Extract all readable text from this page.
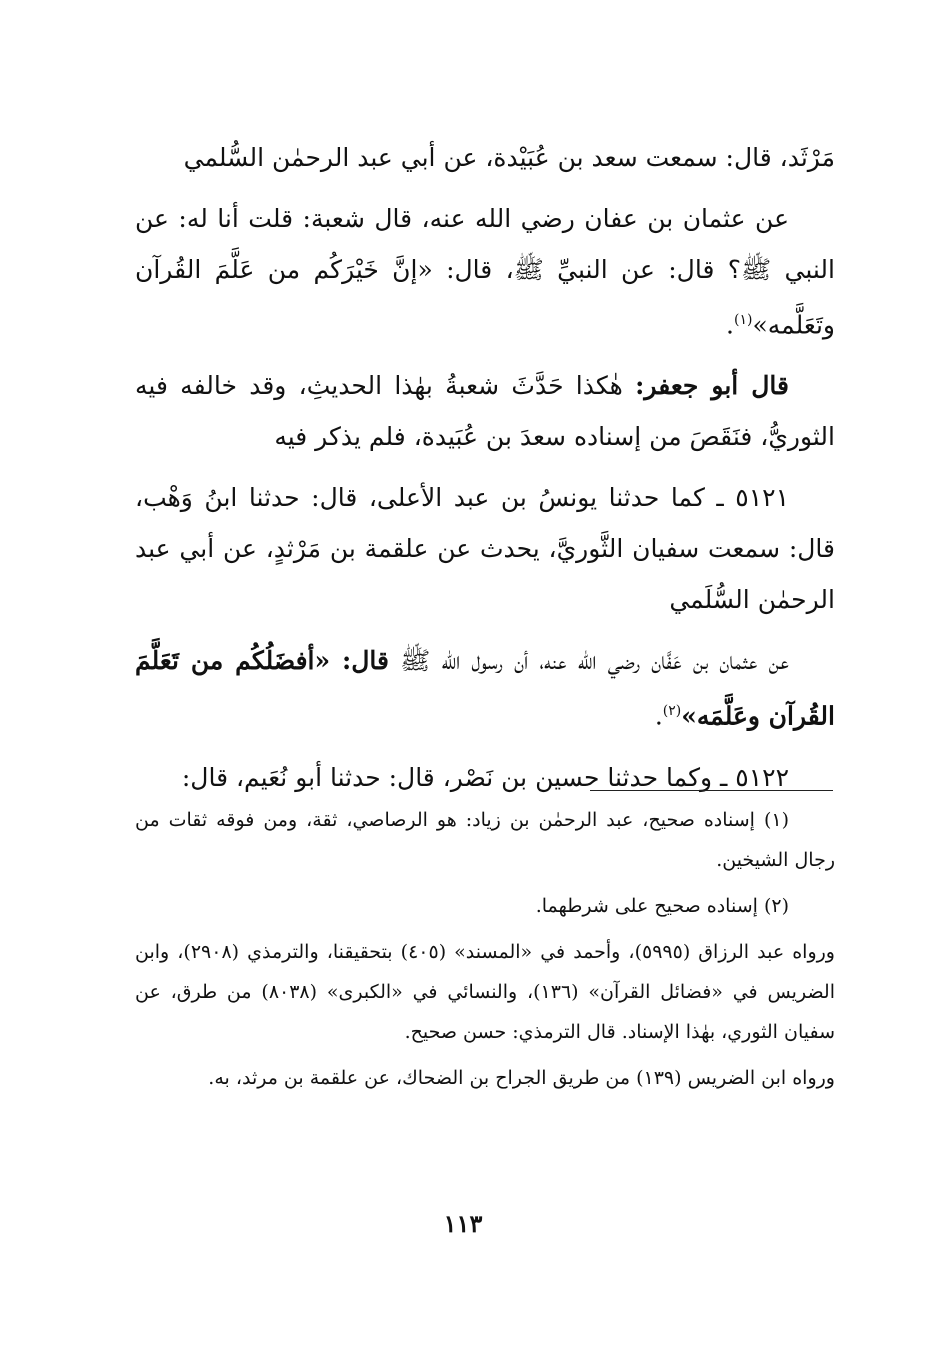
مَرْثَد، قال: سمعت سعد بن عُبَيْدة، عن أبي عبد الرحمٰن السُّلمي

عن عثمان بن عفان رضي الله عنه، قال شعبة: قلت أنا له: عن النبي ﷺ؟ قال: عن النبيِّ ﷺ، قال: «إنَّ خَيْرَكُم من عَلَّمَ القُرآن وتَعَلَّمه»$^{(١)}$.

قال أبو جعفر: هٰكذا حَدَّثَ شعبةُ بهٰذا الحديثِ، وقد خالفه فيه الثوريُّ، فنَقَصَ من إسناده سعدَ بن عُبَيدة، فلم يذكر فيه

٥١٢١ ـ كما حدثنا يونسُ بن عبد الأعلى، قال: حدثنا ابنُ وَهْب، قال: سمعت سفيان الثَّوريَّ، يحدث عن علقمة بن مَرْثدٍ، عن أبي عبد الرحمٰن السُّلَمي

عن عثمان بن عَفَّان رضي الله عنه، أن رسول الله ﷺ قال: «أفضَلُكُم من تَعَلَّمَ القُرآن وعَلَّمَه»$^{(٢)}$.

٥١٢٢ ـ وكما حدثنا حسين بن نَصْر، قال: حدثنا أبو نُعَيم، قال:

(١) إسناده صحيح، عبد الرحمٰن بن زياد: هو الرصاصي، ثقة، ومن فوقه ثقات من رجال الشيخين.

(٢) إسناده صحيح على شرطهما.

ورواه عبد الرزاق (٥٩٩٥)، وأحمد في «المسند» (٤٠٥) بتحقيقنا، والترمذي (٢٩٠٨)، وابن الضريس في «فضائل القرآن» (١٣٦)، والنسائي في «الكبرى» (٨٠٣٨) من طرق، عن سفيان الثوري، بهٰذا الإسناد. قال الترمذي: حسن صحيح.

ورواه ابن الضريس (١٣٩) من طريق الجراح بن الضحاك، عن علقمة بن مرثد، به.

١١٣
